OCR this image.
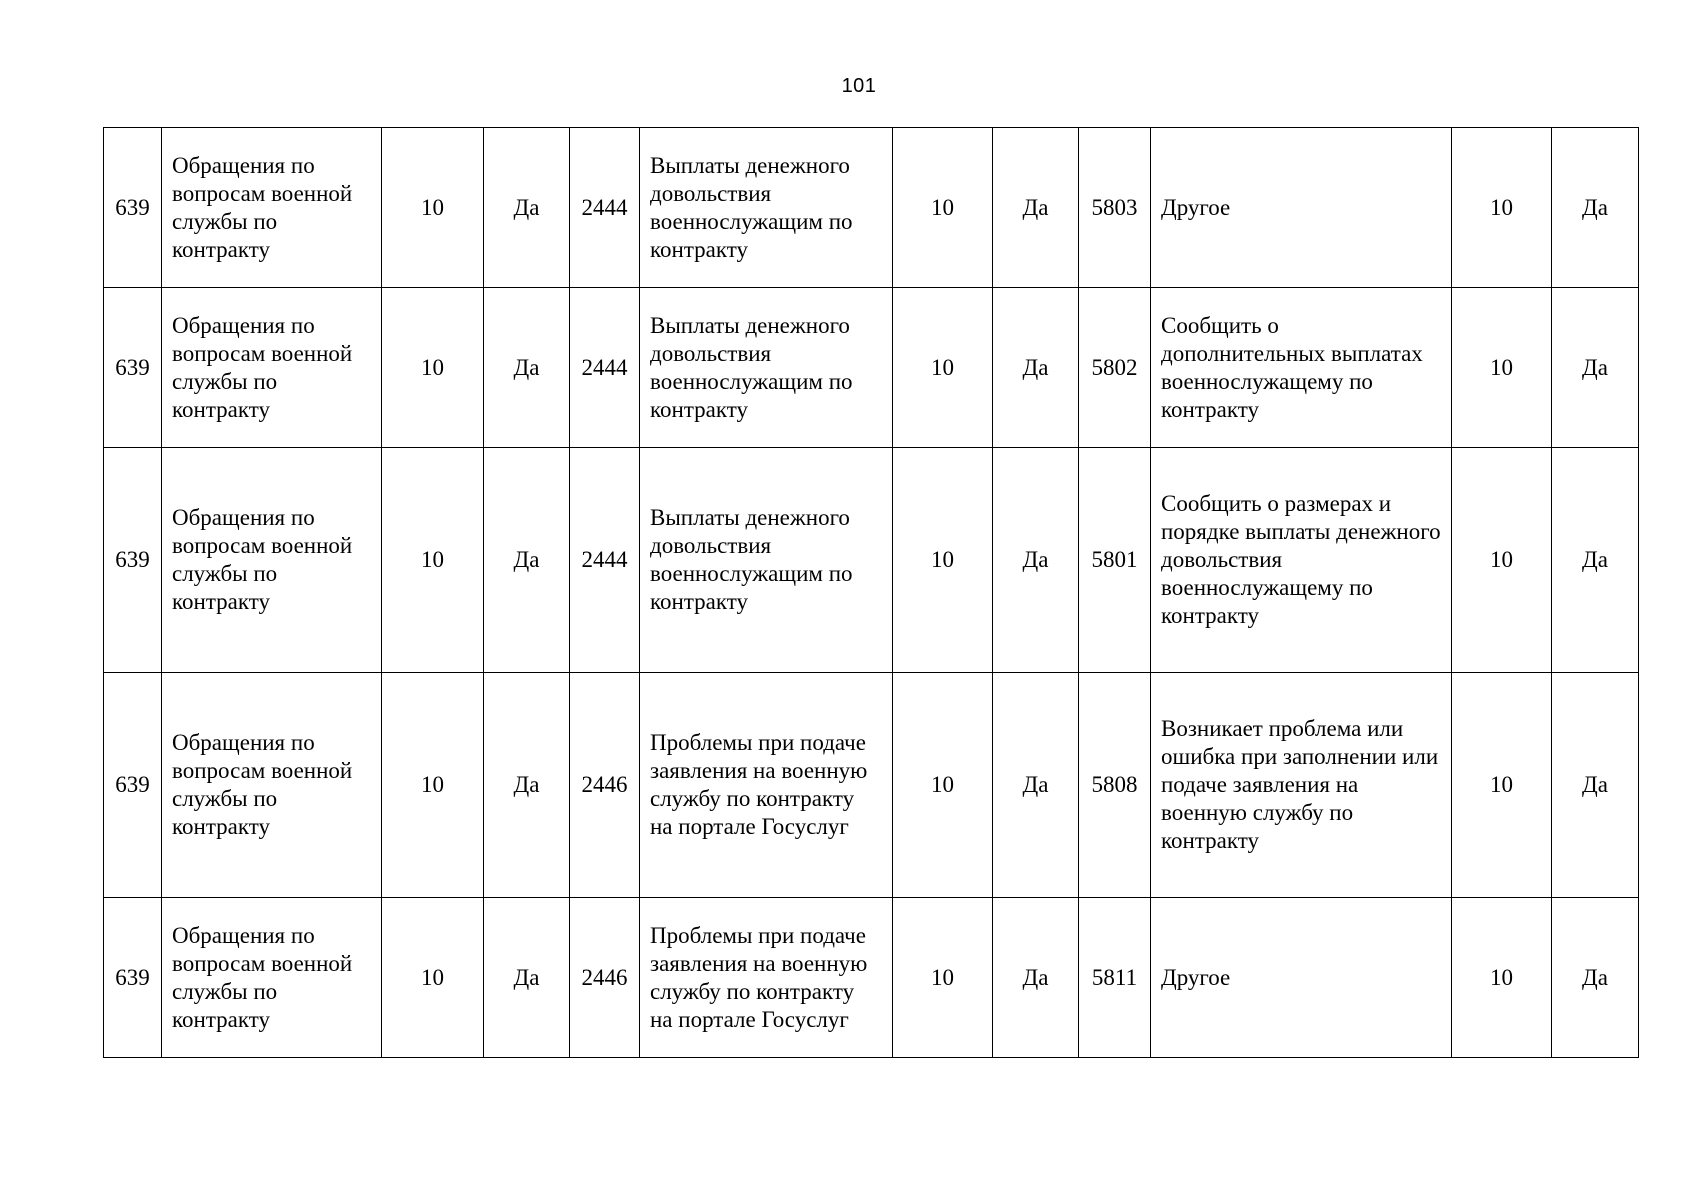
101
639	Обращения по вопросам военной службы по контракту	10	Да	2444	Выплаты денежного довольствия военнослужащим по контракту	10	Да	5803	Другое	10	Да
639	Обращения по вопросам военной службы по контракту	10	Да	2444	Выплаты денежного довольствия военнослужащим по контракту	10	Да	5802	Сообщить о дополнительных выплатах военнослужащему по контракту	10	Да
639	Обращения по вопросам военной службы по контракту	10	Да	2444	Выплаты денежного довольствия военнослужащим по контракту	10	Да	5801	Сообщить о размерах и порядке выплаты денежного довольствия военнослужащему по контракту	10	Да
639	Обращения по вопросам военной службы по контракту	10	Да	2446	Проблемы при подаче заявления на военную службу по контракту на портале Госуслуг	10	Да	5808	Возникает проблема или ошибка при заполнении или подаче заявления на военную службу по контракту	10	Да
639	Обращения по вопросам военной службы по контракту	10	Да	2446	Проблемы при подаче заявления на военную службу по контракту на портале Госуслуг	10	Да	5811	Другое	10	Да
